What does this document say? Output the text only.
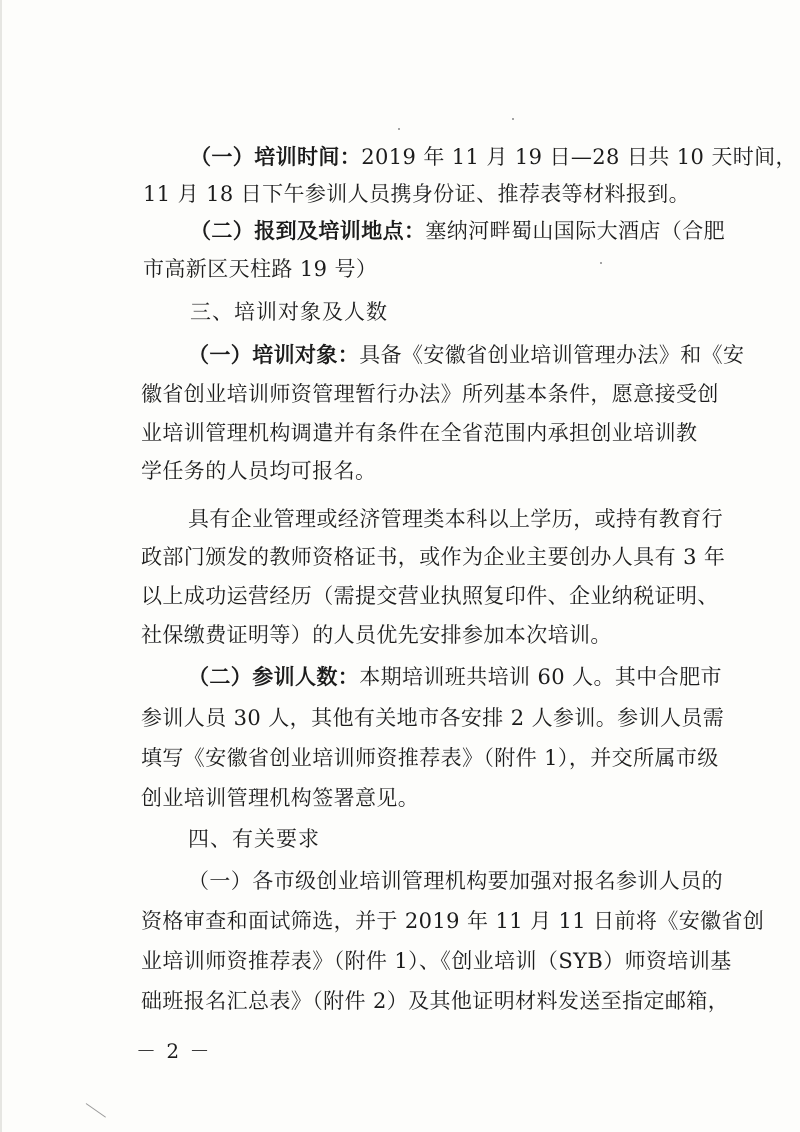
（一）培训时间：2019 年 11 月 19 日—28 日共 10 天时间，
11 月 18 日下午参训人员携身份证、推荐表等材料报到。
（二）报到及培训地点：塞纳河畔蜀山国际大酒店（合肥
市高新区天柱路 19 号）
三、培训对象及人数
（一）培训对象：具备《安徽省创业培训管理办法》和《安
徽省创业培训师资管理暂行办法》所列基本条件，愿意接受创
业培训管理机构调遣并有条件在全省范围内承担创业培训教
学任务的人员均可报名。
具有企业管理或经济管理类本科以上学历，或持有教育行
政部门颁发的教师资格证书，或作为企业主要创办人具有 3 年
以上成功运营经历（需提交营业执照复印件、企业纳税证明、
社保缴费证明等）的人员优先安排参加本次培训。
（二）参训人数：本期培训班共培训 60 人。其中合肥市
参训人员 30 人，其他有关地市各安排 2 人参训。参训人员需
填写《安徽省创业培训师资推荐表》（附件 1），并交所属市级
创业培训管理机构签署意见。
四、有关要求
（一）各市级创业培训管理机构要加强对报名参训人员的
资格审查和面试筛选，并于 2019 年 11 月 11 日前将《安徽省创
业培训师资推荐表》（附件 1）、《创业培训（SYB）师资培训基
础班报名汇总表》（附件 2）及其他证明材料发送至指定邮箱，
－ 2 －
